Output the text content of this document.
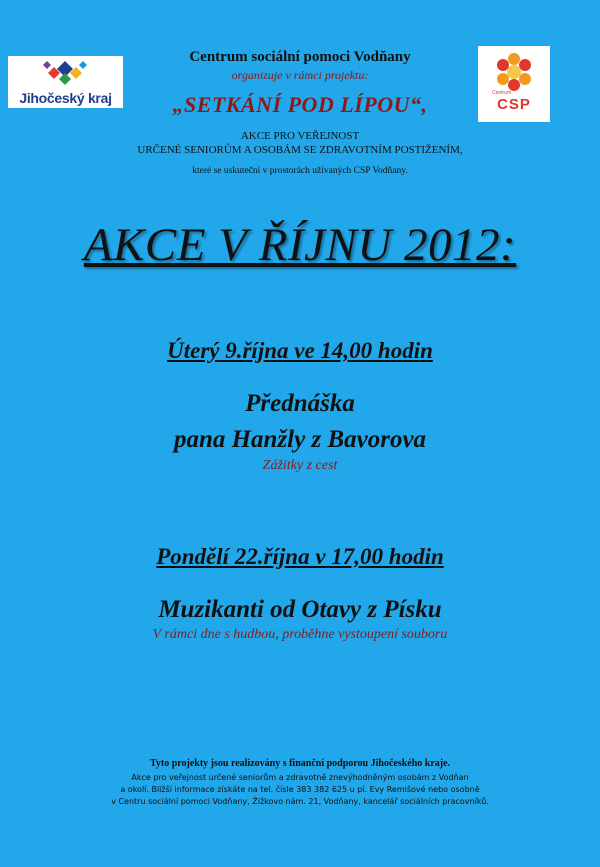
Jihočeský kraj	Centrum
CSP
Centrum sociální pomoci Vodňany
organizuje v rámci projektu:
„SETKÁNÍ POD LÍPOU“,
AKCE PRO VEŘEJNOST
URČENÉ SENIORŮM A OSOBÁM SE ZDRAVOTNÍM POSTIŽENÍM,
které se uskuteční v prostorách užívaných CSP Vodňany.
AKCE V ŘÍJNU 2012:
Úterý 9.října ve 14,00 hodin
Přednáška
pana Hanžly z Bavorova
Zážitky z cest
Pondělí 22.října v 17,00 hodin
Muzikanti od Otavy z Písku
V rámci dne s hudbou, proběhne vystoupení souboru
Tyto projekty jsou realizovány s finanční podporou Jihočeského kraje.
Akce pro veřejnost určené seniorům a zdravotně znevýhodněným osobám z Vodňan
a okolí. Bližší informace získáte na tel. čísle 383 382 625 u pí. Evy Remišové nebo osobně
v Centru sociální pomoci Vodňany, Žižkovo nám. 21, Vodňany, kancelář sociálních pracovníků.
